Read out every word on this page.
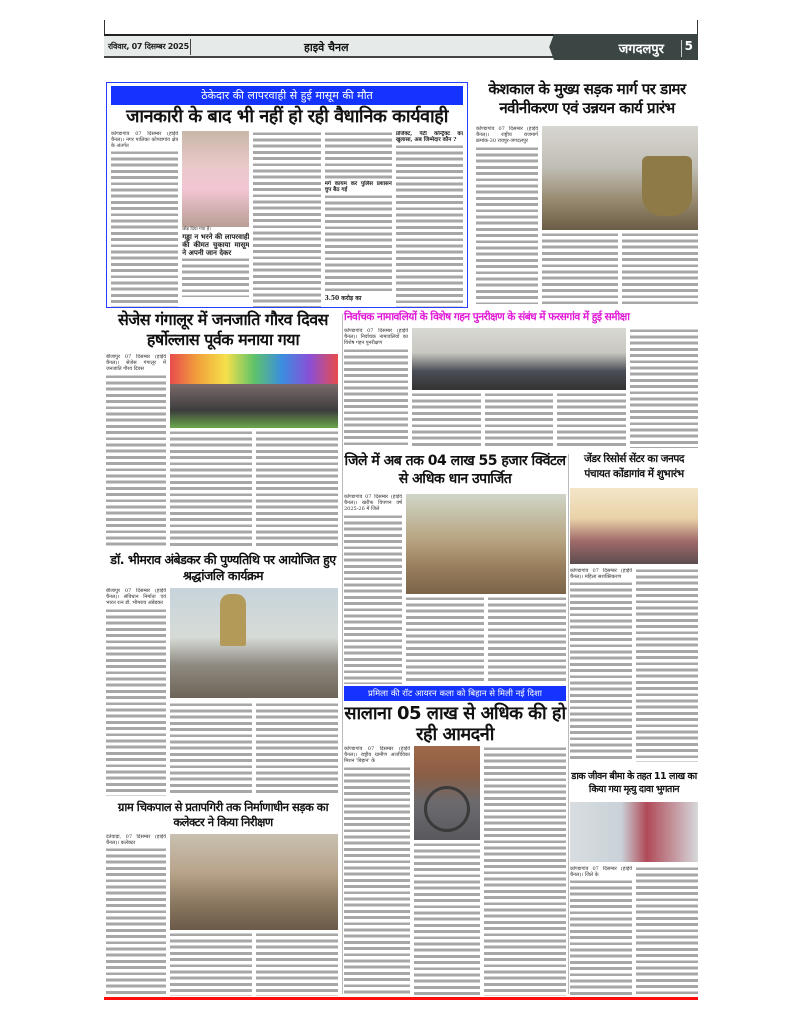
रविवार, 07 दिसम्बर 2025	हाइवे चैनल	जगदलपुर 5
ठेकेदार की लापरवाही से हुई मासूम की मौत
जानकारी के बाद भी नहीं हो रही वैधानिक कार्यवाही
कोण्डागांव 07 दिसम्बर (हाईवे चैनल)। नगर पालिका कोण्डागांव क्षेत्र के अंतर्गत
छोड़ दिया गया है।
गड्ढा न भरने की लापरवाही की कीमत चुकाया मासूम ने अपनी जान देकर
मर्ग कायम कर पुलिस प्रशासन चुप बैठ गई
3.50 करोड़ का
प्रोजेक्ट, पेटी कॉन्ट्रैक्ट का खुलासा, अब जिम्मेदार कौन ?
केशकाल के मुख्य सड़क मार्ग पर डामर नवीनीकरण एवं उन्नयन कार्य प्रारंभ
कोण्डागांव 07 दिसम्बर (हाईवे चैनल)। राष्ट्रीय राजमार्ग क्रमांक-30 रायपुर-जगदलपुर
सेजेस गंगालूर में जनजाति गौरव दिवस हर्षोल्लास पूर्वक मनाया गया
बीजापुर 07 दिसम्बर (हाईवे चैनल)। सेजेस गंगालूर में जनजाति गौरव दिवस
निर्वाचक नामावलियों के विशेष गहन पुनरीक्षण के संबंध में फरसगांव में हुई समीक्षा
कोण्डागांव 07 दिसम्बर (हाईवे चैनल)। निर्वाचक नामावलियों का विशेष गहन पुनरीक्षण
डॉ. भीमराव अंबेडकर की पुण्यतिथि पर आयोजित हुए श्रद्धांजलि कार्यक्रम
बीजापुर 07 दिसम्बर (हाईवे चैनल)। संविधान निर्माता एवं भारत रत्न डॉ. भीमराव अंबेडकर
जिले में अब तक 04 लाख 55 हजार क्विंटल से अधिक धान उपार्जित
कोण्डागांव 07 दिसम्बर (हाईवे चैनल)। खरीफ विपणन वर्ष 2025-26 में जिले
जेंडर रिसोर्स सेंटर का जनपद पंचायत कोंडागांव में शुभारंभ
कोण्डागांव 07 दिसम्बर (हाईवे चैनल)। महिला सशक्तिकरण
प्रमिला की रॉट आयरन कला को बिहान से मिली नई दिशा
सालाना 05 लाख से अधिक की हो रही आमदनी
कोण्डागांव 07 दिसम्बर (हाईवे चैनल)। राष्ट्रीय ग्रामीण आजीविका मिशन 'बिहान' के
ग्राम चिकपाल से प्रतापगिरी तक निर्माणाधीन सड़क का कलेक्टर ने किया निरीक्षण
दंतेवाड़ा, 07 दिसम्बर (हाईवे चैनल)। कलेक्टर
डाक जीवन बीमा के तहत 11 लाख का किया गया मृत्यु दावा भुगतान
कोण्डागांव 07 दिसम्बर (हाईवे चैनल)। जिले के
